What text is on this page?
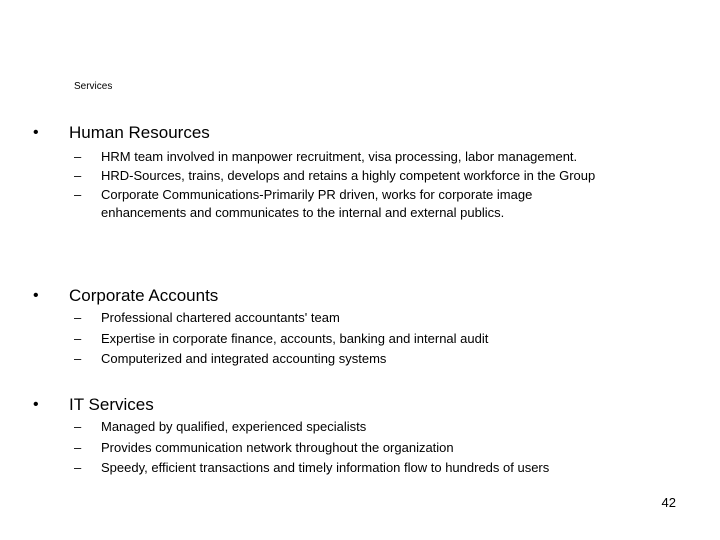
Services
• Human Resources
– HRM team involved in manpower recruitment, visa processing, labor management.
– HRD-Sources, trains, develops and retains a highly competent workforce in the Group
– Corporate Communications-Primarily PR driven, works for corporate image enhancements and communicates to the internal and external publics.
• Corporate Accounts
– Professional chartered accountants' team
– Expertise in corporate finance, accounts, banking and internal audit
– Computerized and integrated accounting systems
• IT Services
– Managed by qualified, experienced specialists
– Provides communication network throughout the organization
– Speedy, efficient transactions and timely information flow to hundreds of users
42
